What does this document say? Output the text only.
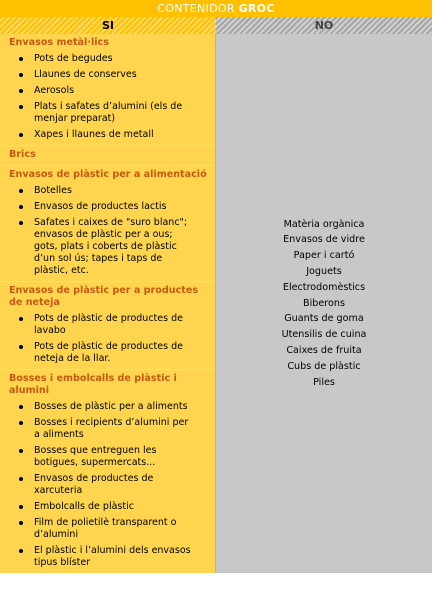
CONTENIDOR GROC
SI	NO
Envasos metàl·lics
Pots de begudes
Llaunes de conserves
Aerosols
Plats i safates d’alumini (els de menjar preparat)
Xapes i llaunes de metall
Brics
Envasos de plàstic per a alimentació
Botelles
Envasos de productes lactis
Safates i caixes de "suro blanc"; envasos de plàstic per a ous; gots, plats i coberts de plàstic d’un sol ús; tapes i taps de plàstic, etc.
Envasos de plàstic per a productes de neteja
Pots de plàstic de productes de lavabo
Pots de plàstic de productes de neteja de la llar.
Bosses i embolcalls de plàstic i alumini
Bosses de plàstic per a aliments
Bosses i recipients d’alumini per a aliments
Bosses que entreguen les botigues, supermercats...
Envasos de productes de xarcuteria
Embolcalls de plàstic
Film de polietilè transparent o d’alumini
El plàstic i l’alumini dels envasos tipus blíster
Matèria orgànica
Envasos de vidre
Paper i cartó
Joguets
Electrodomèstics
Biberons
Guants de goma
Utensilis de cuina
Caixes de fruita
Cubs de plàstic
Piles
